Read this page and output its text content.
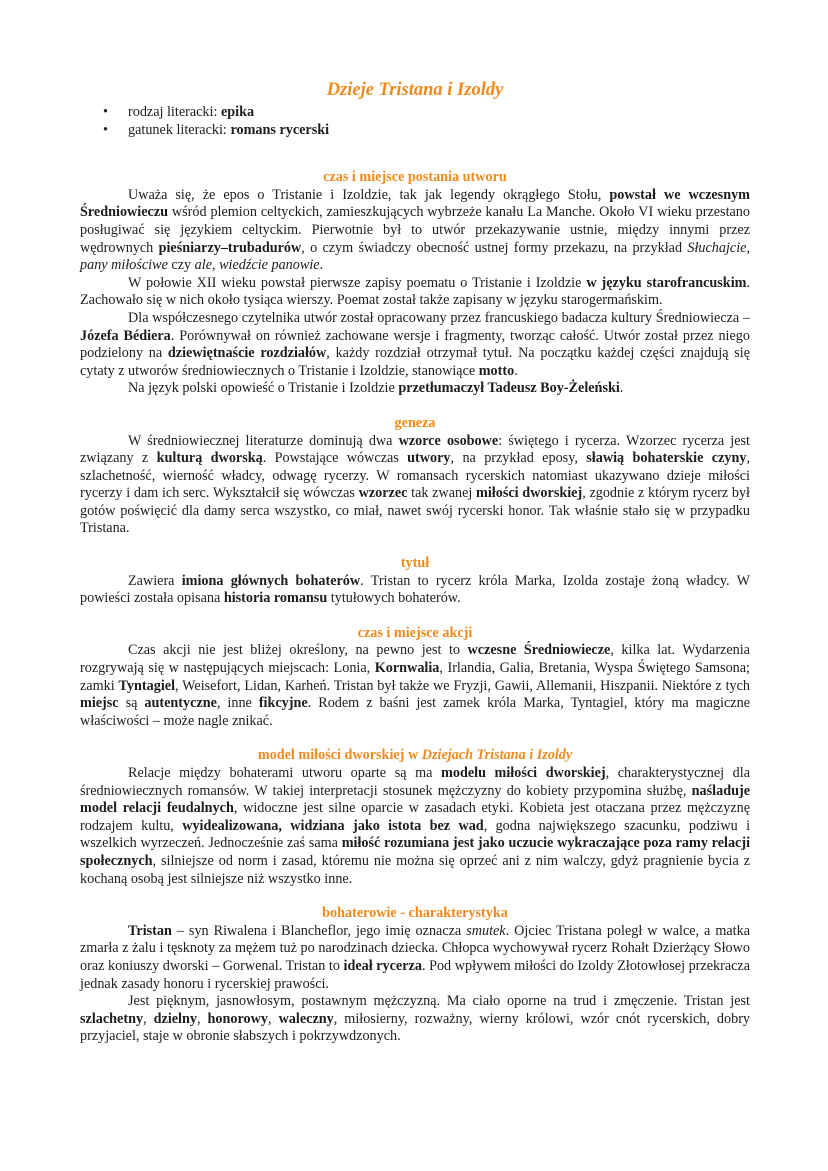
Dzieje Tristana i Izoldy
• rodzaj literacki: epika
• gatunek literacki: romans rycerski
czas i miejsce postania utworu

Uważa się, że epos o Tristanie i Izoldzie, tak jak legendy okrągłego Stołu, powstał we wczesnym Średniowieczu wśród plemion celtyckich, zamieszkujących wybrzeże kanału La Manche. Około VI wieku przestano posługiwać się językiem celtyckim. Pierwotnie był to utwór przekazywanie ustnie, między innymi przez wędrownych pieśniarzy–trubadurów, o czym świadczy obecność ustnej formy przekazu, na przykład Słuchajcie, pany miłościwe czy ale, wiedźcie panowie.

W połowie XII wieku powstał pierwsze zapisy poematu o Tristanie i Izoldzie w języku starofrancuskim. Zachowało się w nich około tysiąca wierszy. Poemat został także zapisany w języku starogermańskim.

Dla współczesnego czytelnika utwór został opracowany przez francuskiego badacza kultury Średniowiecza – Józefa Bédiera. Porównywał on również zachowane wersje i fragmenty, tworząc całość. Utwór został przez niego podzielony na dziewiętnaście rozdziałów, każdy rozdział otrzymał tytuł. Na początku każdej części znajdują się cytaty z utworów średniowiecznych o Tristanie i Izoldzie, stanowiące motto.

Na język polski opowieść o Tristanie i Izoldzie przetłumaczył Tadeusz Boy-Żeleński.

geneza

W średniowiecznej literaturze dominują dwa wzorce osobowe: świętego i rycerza. Wzorzec rycerza jest związany z kulturą dworską. Powstające wówczas utwory, na przykład eposy, sławią bohaterskie czyny, szlachetność, wierność władcy, odwagę rycerzy. W romansach rycerskich natomiast ukazywano dzieje miłości rycerzy i dam ich serc. Wykształcił się wówczas wzorzec tak zwanej miłości dworskiej, zgodnie z którym rycerz był gotów poświęcić dla damy serca wszystko, co miał, nawet swój rycerski honor. Tak właśnie stało się w przypadku Tristana.

tytuł

Zawiera imiona głównych bohaterów. Tristan to rycerz króla Marka, Izolda zostaje żoną władcy. W powieści została opisana historia romansu tytułowych bohaterów.

czas i miejsce akcji

Czas akcji nie jest bliżej określony, na pewno jest to wczesne Średniowiecze, kilka lat. Wydarzenia rozgrywają się w następujących miejscach: Lonia, Kornwalia, Irlandia, Galia, Bretania, Wyspa Świętego Samsona; zamki Tyntagiel, Weisefort, Lidan, Karheń. Tristan był także we Fryzji, Gawii, Allemanii, Hiszpanii. Niektóre z tych miejsc są autentyczne, inne fikcyjne. Rodem z baśni jest zamek króla Marka, Tyntagiel, który ma magiczne właściwości – może nagle znikać.

model miłości dworskiej w Dziejach Tristana i Izoldy

Relacje między bohaterami utworu oparte są ma modelu miłości dworskiej, charakterystycznej dla średniowiecznych romansów. W takiej interpretacji stosunek mężczyzny do kobiety przypomina służbę, naśladuje model relacji feudalnych, widoczne jest silne oparcie w zasadach etyki. Kobieta jest otaczana przez mężczyznę rodzajem kultu, wyidealizowana, widziana jako istota bez wad, godna największego szacunku, podziwu i wszelkich wyrzeczeń. Jednocześnie zaś sama miłość rozumiana jest jako uczucie wykraczające poza ramy relacji społecznych, silniejsze od norm i zasad, któremu nie można się oprzeć ani z nim walczy, gdyż pragnienie bycia z kochaną osobą jest silniejsze niż wszystko inne.

bohaterowie - charakterystyka

Tristan – syn Riwalena i Blancheflor, jego imię oznacza smutek. Ojciec Tristana poległ w walce, a matka zmarła z żalu i tęsknoty za mężem tuż po narodzinach dziecka. Chłopca wychowywał rycerz Rohałt Dzierżący Słowo oraz koniuszy dworski – Gorwenal. Tristan to ideał rycerza. Pod wpływem miłości do Izoldy Złotowłosej przekracza jednak zasady honoru i rycerskiej prawości.

Jest pięknym, jasnowłosym, postawnym mężczyzną. Ma ciało oporne na trud i zmęczenie. Tristan jest szlachetny, dzielny, honorowy, waleczny, miłosierny, rozważny, wierny królowi, wzór cnót rycerskich, dobry przyjaciel, staje w obronie słabszych i pokrzywdzonych.
